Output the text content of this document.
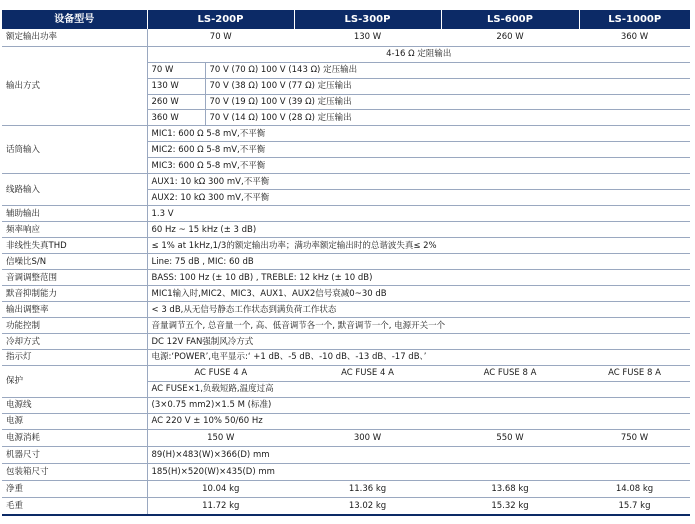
设备型号	LS-200P		LS-300P	LS-600P	LS-1000P
额定输出功率	70 W		130 W	260 W	360 W
输出方式	4-16 Ω 定阻输出				
	70 W	70 V (70 Ω) 100 V (143 Ω) 定压输出			
	130 W	70 V (38 Ω) 100 V (77 Ω) 定压输出			
	260 W	70 V (19 Ω) 100 V (39 Ω) 定压输出			
	360 W	70 V (14 Ω) 100 V (28 Ω) 定压输出			
话筒输入	MIC1: 600 Ω 5-8 mV,不平衡				
	MIC2: 600 Ω 5-8 mV,不平衡				
	MIC3: 600 Ω 5-8 mV,不平衡				
线路输入	AUX1: 10 kΩ 300 mV,不平衡				
	AUX2: 10 kΩ 300 mV,不平衡				
辅助输出	1.3 V				
频率响应	60 Hz ~ 15 kHz (± 3 dB)				
非线性失真THD	≤ 1% at 1kHz,1/3的额定输出功率；满功率额定输出时的总谐波失真≤ 2%				
信噪比S/N	Line: 75 dB , MIC: 60 dB				
音调调整范围	BASS: 100 Hz (± 10 dB) , TREBLE: 12 kHz (± 10 dB)				
默音抑制能力	MIC1输入时,MIC2、MIC3、AUX1、AUX2信号衰减0~30 dB				
输出调整率	< 3 dB,从无信号静态工作状态到满负荷工作状态				
功能控制	音量调节五个, 总音量一个, 高、低音调节各一个, 默音调节一个, 电源开关一个				
冷却方式	DC 12V FAN强制风冷方式				
指示灯	电源:‘POWER’,电平显示:‘ +1 dB、-5 dB、-10 dB、-13 dB、-17 dB、’				
保护	AC FUSE 4 A		AC FUSE 4 A	AC FUSE 8 A	AC FUSE 8 A
	AC FUSE×1,负载短路,温度过高				
电源线	(3×0.75 mm2)×1.5 M (标准)				
电源	AC 220 V ± 10% 50/60 Hz				
电源消耗	150 W		300 W	550 W	750 W
机器尺寸	89(H)×483(W)×366(D) mm				
包装箱尺寸	185(H)×520(W)×435(D) mm				
净重	10.04 kg		11.36 kg	13.68 kg	14.08 kg
毛重	11.72 kg		13.02 kg	15.32 kg	15.7 kg
